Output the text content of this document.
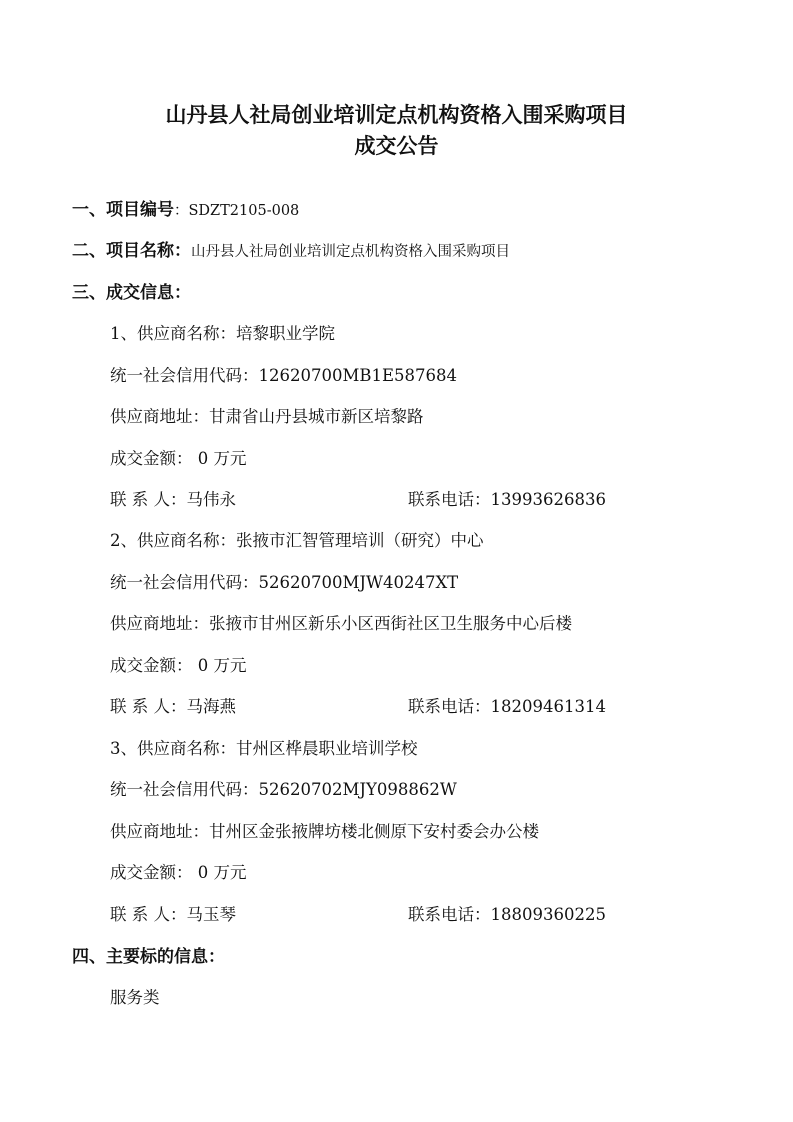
山丹县人社局创业培训定点机构资格入围采购项目
成交公告
一、项目编号：SDZT2105-008
二、项目名称：山丹县人社局创业培训定点机构资格入围采购项目
三、成交信息：
1、供应商名称：培黎职业学院
统一社会信用代码：12620700MB1E587684
供应商地址：甘肃省山丹县城市新区培黎路
成交金额： 0 万元
联 系 人：马伟永	联系电话：13993626836
2、供应商名称：张掖市汇智管理培训（研究）中心
统一社会信用代码：52620700MJW40247XT
供应商地址：张掖市甘州区新乐小区西街社区卫生服务中心后楼
成交金额： 0 万元
联 系 人：马海燕	联系电话：18209461314
3、供应商名称：甘州区桦晨职业培训学校
统一社会信用代码：52620702MJY098862W
供应商地址：甘州区金张掖牌坊楼北侧原下安村委会办公楼
成交金额： 0 万元
联 系 人：马玉琴	联系电话：18809360225
四、主要标的信息：
服务类
